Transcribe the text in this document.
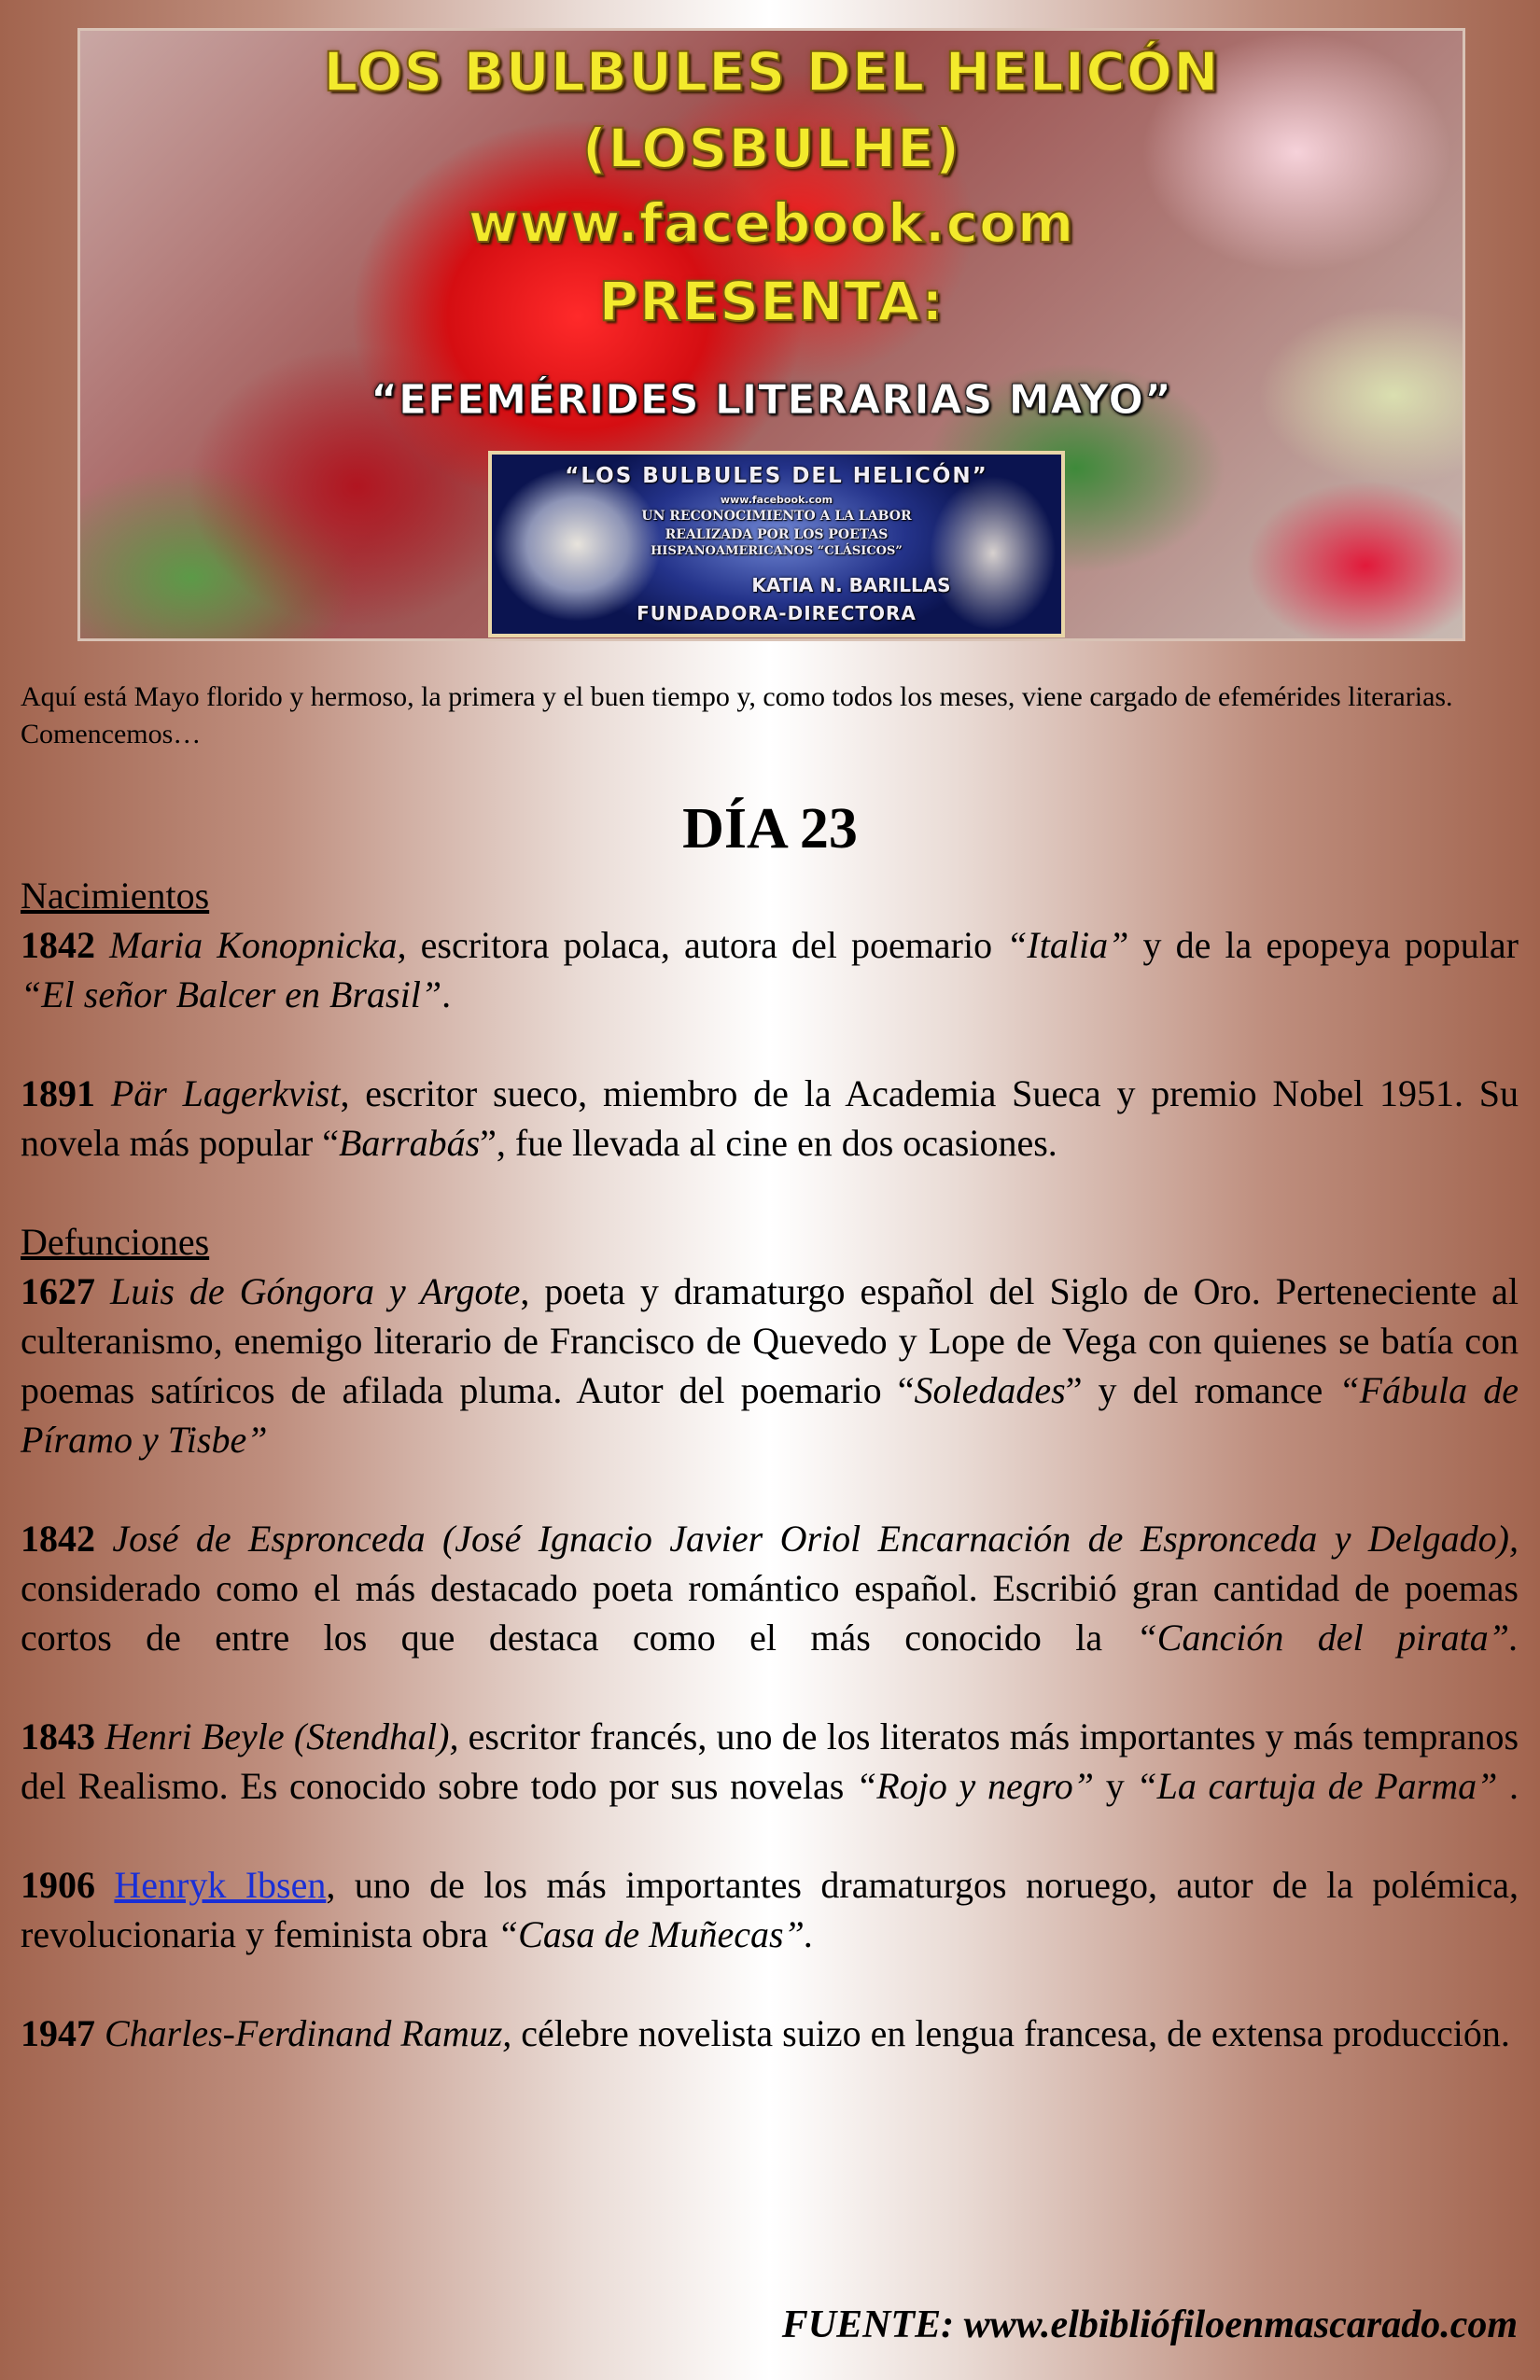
LOS BULBULES DEL HELICÓN

(LOSBULHE)

www.facebook.com

PRESENTA:

“EFEMÉRIDES LITERARIAS MAYO”

“LOS BULBULES DEL HELICÓN”

www.facebook.com

UN RECONOCIMIENTO A LA LABOR

REALIZADA POR LOS POETAS

HISPANOAMERICANOS “CLÁSICOS”

KATIA N. BARILLAS

FUNDADORA-DIRECTORA

Aquí está Mayo florido y hermoso, la primera y el buen tiempo y, como todos los meses, viene cargado de efemérides literarias. Comencemos…

DÍA 23

Nacimientos

1842 Maria Konopnicka, escritora polaca, autora del poemario “Italia” y de la epopeya popular “El señor Balcer en Brasil”.

1891 Pär Lagerkvist, escritor sueco, miembro de la Academia Sueca y premio Nobel 1951. Su novela más popular “Barrabás”, fue llevada al cine en dos ocasiones.

Defunciones

1627 Luis de Góngora y Argote, poeta y dramaturgo español del Siglo de Oro. Perteneciente al culteranismo, enemigo literario de Francisco de Quevedo y Lope de Vega con quienes se batía con poemas satíricos de afilada pluma. Autor del poemario “Soledades” y del romance “Fábula de Píramo y Tisbe”

1842 José de Espronceda (José Ignacio Javier Oriol Encarnación de Espronceda y Delgado), considerado como el más destacado poeta romántico español. Escribió gran cantidad de poemas cortos de entre los que destaca como el más conocido la “Canción del pirata”.

1843 Henri Beyle (Stendhal), escritor francés, uno de los literatos más importantes y más tempranos del Realismo. Es conocido sobre todo por sus novelas “Rojo y negro” y “La cartuja de Parma” .

1906 Henryk Ibsen, uno de los más importantes dramaturgos noruego, autor de la polémica, revolucionaria y feminista obra “Casa de Muñecas”.

1947 Charles-Ferdinand Ramuz, célebre novelista suizo en lengua francesa, de extensa producción.

FUENTE: www.elbibliófiloenmascarado.com
